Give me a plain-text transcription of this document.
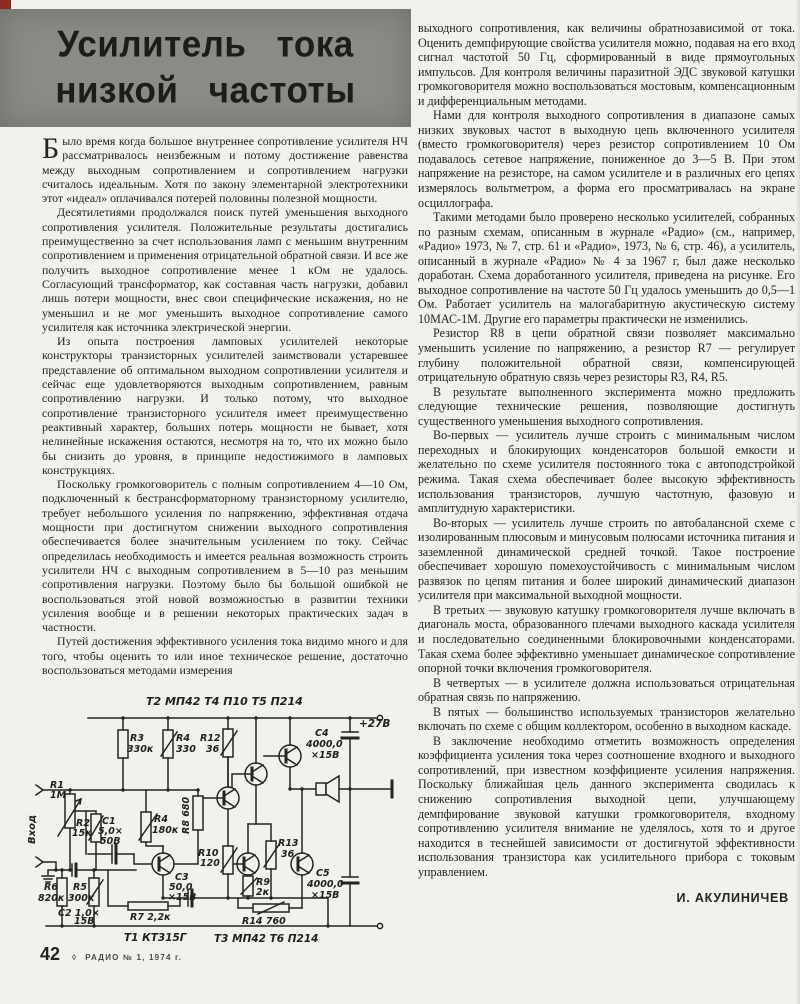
Усилитель тока
низкой частоты

Было время когда большое внутреннее сопротивление усилителя НЧ рассматривалось неизбежным и потому достижение равенства между выходным сопротивлением и сопротивлением нагрузки считалось идеальным. Хотя по закону элементарной электротехники этот «идеал» оплачивался потерей половины полезной мощности.

Десятилетиями продолжался поиск путей уменьшения выходного сопротивления усилителя. Положительные результаты достигались преимущественно за счет использования ламп с меньшим внутренним сопротивлением и применения отрицательной обратной связи. И все же получить выходное сопротивление менее 1 кОм не удалось. Согласующий трансформатор, как составная часть нагрузки, добавил лишь потери мощности, внес свои специфические искажения, но не уменьшил и не мог уменьшить выходное сопротивление самого усилителя как источника электрической энергии.

Из опыта построения ламповых усилителей некоторые конструкторы транзисторных усилителей заимствовали устаревшее представление об оптимальном выходном сопротивлении усилителя и сейчас еще удовлетворяются выходным сопротивлением, равным сопротивлению нагрузки. И только потому, что выходное сопротивление транзисторного усилителя имеет преимущественно реактивный характер, больших потерь мощности не бывает, хотя нелинейные искажения остаются, несмотря на то, что их можно было бы снизить до уровня, в принципе недостижимого в ламповых конструкциях.

Поскольку громкоговоритель с полным сопротивлением 4—10 Ом, подключенный к бестрансформаторному транзисторному усилителю, требует небольшого усиления по напряжению, эффективная отдача мощности при достигнутом снижении выходного сопротивления обеспечивается более значительным усилением по току. Сейчас определилась необходимость и имеется реальная возможность строить усилители НЧ с выходным сопротивлением в 5—10 раз меньшим сопротивления нагрузки. Поэтому было бы большой ошибкой не воспользоваться этой новой возможностью в развитии техники усиления вообще и в решении некоторых практических задач в частности.

Путей достижения эффективного усиления тока видимо много и для того, чтобы оценить то или иное техническое решение, достаточно воспользоваться методами измерения

выходного сопротивления, как величины обратнозависимой от тока. Оценить демпфирующие свойства усилителя можно, подавая на его вход сигнал частотой 50 Гц, сформированный в виде прямоугольных импульсов. Для контроля величины паразитной ЭДС звуковой катушки громкоговорителя можно воспользоваться мостовым, компенсационным и дифференциальным методами.

Нами для контроля выходного сопротивления в диапазоне самых низких звуковых частот в выходную цепь включенного усилителя (вместо громкоговорителя) через резистор сопротивлением 10 Ом подавалось сетевое напряжение, пониженное до 3—5 В. При этом напряжение на резисторе, на самом усилителе и в различных его цепях измерялось вольтметром, а форма его просматривалась на экране осциллографа.

Такими методами было проверено несколько усилителей, собранных по разным схемам, описанным в журнале «Радио» (см., например, «Радио» 1973, № 7, стр. 61 и «Радио», 1973, № 6, стр. 46), а усилитель, описанный в журнале «Радио» № 4 за 1967 г, был даже несколько доработан. Схема доработанного усилителя, приведена на рисунке. Его выходное сопротивление на частоте 50 Гц удалось уменьшить до 0,5—1 Ом. Работает усилитель на малогабаритную акустическую систему 10МАС-1М. Другие его параметры практически не изменились.

Резистор R8 в цепи обратной связи позволяет максимально уменьшить усиление по напряжению, а резистор R7 — регулирует глубину положительной обратной связи, компенсирующей отрицательную обратную связь через резисторы R3, R4, R5.

В результате выполненного эксперимента можно предложить следующие технические решения, позволяющие достигнуть существенного уменьшения выходного сопротивления.

Во-первых — усилитель лучше строить с минимальным числом переходных и блокирующих конденсаторов большой емкости и желательно по схеме усилителя постоянного тока с автоподстройкой режима. Такая схема обеспечивает более высокую эффективность использования транзисторов, лучшую частотную, фазовую и амплитудную характеристики.

Во-вторых — усилитель лучше строить по автобалансной схеме с изолированным плюсовым и минусовым полюсами источника питания и заземленной динамической средней точкой. Такое построение обеспечивает хорошую помехоустойчивость с минимальным числом развязок по цепям питания и более широкий динамический диапазон усилителя при максимальной выходной мощности.

В третьих — звуковую катушку громкоговорителя лучше включать в диагональ моста, образованного плечами выходного каскада усилителя и последовательно соединенными блокировочными конденсаторами. Такая схема более эффективно уменьшает динамическое сопротивление опорной точки включения громкоговорителя.

В четвертых — в усилителе должна использоваться отрицательная обратная связь по напряжению.

В пятых — большинство используемых транзисторов желательно включать по схеме с общим коллектором, особенно в выходном каскаде.

В заключение необходимо отметить возможность определения коэффициента усиления тока через соотношение входного и выходного сопротивлений, при известном коэффициенте усиления напряжения. Поскольку ближайшая цель данного эксперимента сводилась к снижению сопротивления выходной цепи, улучшающему демпфирование звуковой катушки громкоговорителя, входному сопротивлению усилителя внимание не уделялось, хотя то и другое находится в теснейшей зависимости от достигнутой эффективности использования транзистора как усилительного прибора с токовым управлением.

И. АКУЛИНИЧЕВ
Т2 МП42 Т4 П10 Т5 П214
Вход
R1
1М
R2
15к
C1
5,0×
50В
R3
330к
R4
330
R4
180к R8 680
R12
36
C4
4000,0
×15В
+27В
R10
120
R13
36
R6
820к
R5
300к
C2 1,0×
15В	R7 2,2к
C3
50,0
×15В
R9
2к
R14 760
C5
4000,0
×15В
Т1 КТ315Г	Т3 МП42 Т6 П214
42 ◊ РАДИО № 1, 1974 г.
